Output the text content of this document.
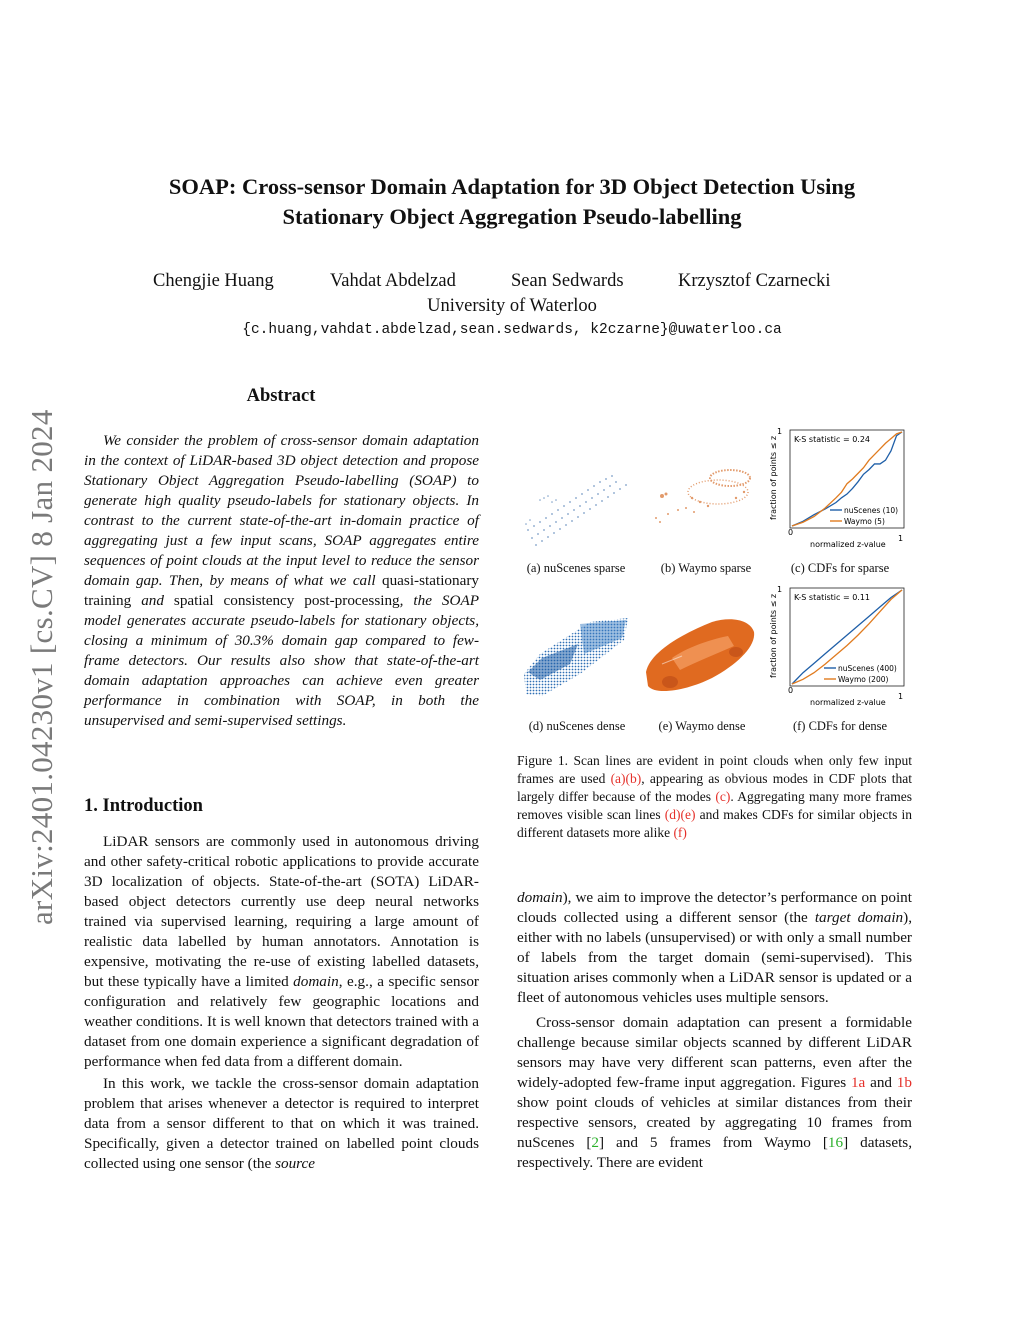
SOAP: Cross-sensor Domain Adaptation for 3D Object Detection Using
Stationary Object Aggregation Pseudo-labelling
Chengjie Huang	Vahdat Abdelzad	Sean Sedwards	Krzysztof Czarnecki
University of Waterloo
{c.huang,vahdat.abdelzad,sean.sedwards, k2czarne}@uwaterloo.ca
arXiv:2401.04230v1 [cs.CV] 8 Jan 2024
Abstract
We consider the problem of cross-sensor domain adaptation in the context of LiDAR-based 3D object detection and propose Stationary Object Aggregation Pseudo-labelling (SOAP) to generate high quality pseudo-labels for stationary objects. In contrast to the current state-of-the-art in-domain practice of aggregating just a few input scans, SOAP aggregates entire sequences of point clouds at the input level to reduce the sensor domain gap. Then, by means of what we call quasi-stationary training and spatial consistency post-processing, the SOAP model generates accurate pseudo-labels for stationary objects, closing a minimum of 30.3% domain gap compared to few-frame detectors. Our results also show that state-of-the-art domain adaptation approaches can achieve even greater performance in combination with SOAP, in both the unsupervised and semi-supervised settings.
1. Introduction

LiDAR sensors are commonly used in autonomous driving and other safety-critical robotic applications to provide accurate 3D localization of objects. State-of-the-art (SOTA) LiDAR-based object detectors currently use deep neural networks trained via supervised learning, requiring a large amount of realistic data labelled by human annotators. Annotation is expensive, motivating the re-use of existing labelled datasets, but these typically have a limited domain, e.g., a specific sensor configuration and relatively few geographic locations and weather conditions. It is well known that detectors trained with a dataset from one domain experience a significant degradation of performance when fed data from a different domain.

In this work, we tackle the cross-sensor domain adaptation problem that arises whenever a detector is required to interpret data from a sensor different to that on which it was trained. Specifically, given a detector trained on labelled point clouds collected using one sensor (the source

domain), we aim to improve the detector’s performance on point clouds collected using a different sensor (the target domain), either with no labels (unsupervised) or with only a small number of labels from the target domain (semi-supervised). This situation arises commonly when a LiDAR sensor is updated or a fleet of autonomous vehicles uses multiple sensors.

Cross-sensor domain adaptation can present a formidable challenge because similar objects scanned by different LiDAR sensors may have very different scan patterns, even after the widely-adopted few-frame input aggregation. Figures 1a and 1b show point clouds of vehicles at similar distances from their respective sensors, created by aggregating 10 frames from nuScenes [2] and 5 frames from Waymo [16] datasets, respectively. There are evident

(a) nuScenes sparse	(b) Waymo sparse	(c) CDFs for sparse
(d) nuScenes dense	(e) Waymo dense	(f) CDFs for dense
K-S statistic = 0.24
0
1
1
normalized z-value
fraction of points ≤ z	nuScenes (10)
Waymo (5)
K-S statistic = 0.11
0
1
1
normalized z-value
fraction of points ≤ z	nuScenes (400)
Waymo (200)
Figure 1. Scan lines are evident in point clouds when only few input frames are used (a)(b), appearing as obvious modes in CDF plots that largely differ because of the modes (c). Aggregating many more frames removes visible scan lines (d)(e) and makes CDFs for similar objects in different datasets more alike (f)
